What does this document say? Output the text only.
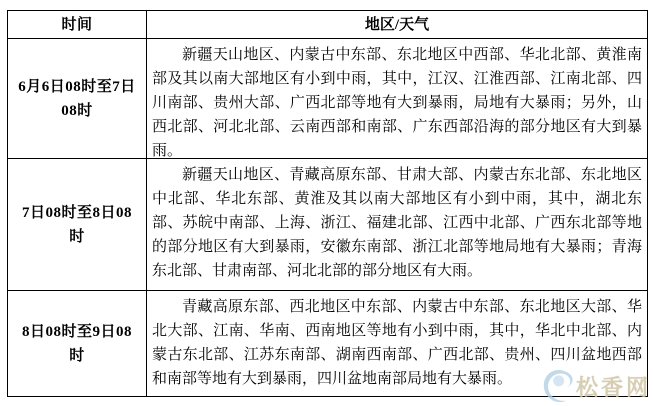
时间	地区/天气
6月6日08时至7日08时
新疆天山地区、内蒙古中东部、东北地区中西部、华北北部、黄淮南部及其以南大部地区有小到中雨，其中，江汉、江淮西部、江南北部、四川南部、贵州大部、广西北部等地有大到暴雨，局地有大暴雨；另外，山西北部、河北北部、云南西部和南部、广东西部沿海的部分地区有大到暴雨。
7日08时至8日08时
新疆天山地区、青藏高原东部、甘肃大部、内蒙古东北部、东北地区中北部、华北东部、黄淮及其以南大部地区有小到中雨，其中，湖北东部、苏皖中南部、上海、浙江、福建北部、江西中北部、广西东北部等地的部分地区有大到暴雨，安徽东南部、浙江北部等地局地有大暴雨；青海东北部、甘肃南部、河北北部的部分地区有大雨。
8日08时至9日08时
青藏高原东部、西北地区中东部、内蒙古中东部、东北地区大部、华北大部、江南、华南、西南地区等地有小到中雨，其中，华北中北部、内蒙古东北部、江苏东南部、湖南西南部、广西北部、贵州、四川盆地西部和南部等地有大到暴雨，四川盆地南部局地有大暴雨。	松香网
